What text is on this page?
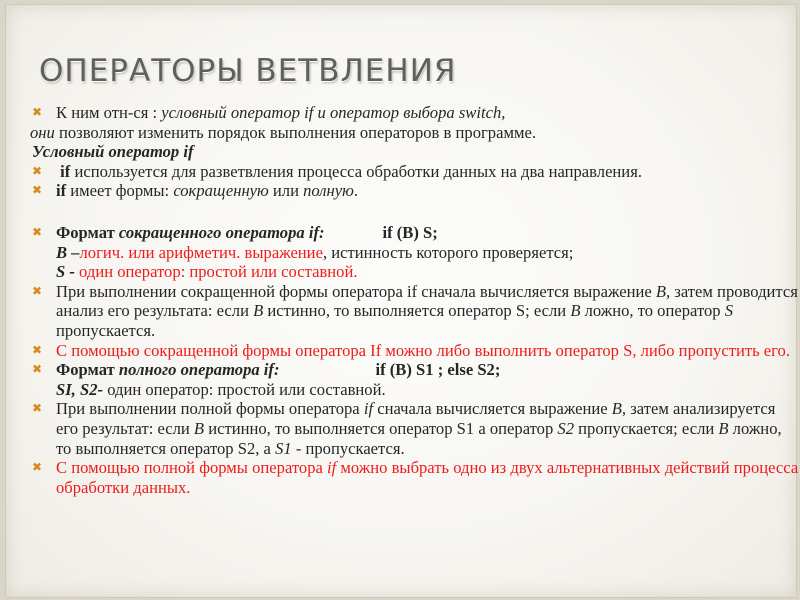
ОПЕРАТОРЫ ВЕТВЛЕНИЯ

✖ К ним отн-ся : условный оператор if и оператор выбора switch,

они позволяют изменить порядок выполнения операторов в программе.

Условный оператор if

✖ if используется для разветвления процесса обработки данных на два направления.

✖ if имеет формы: сокращенную или полную.

✖ Формат сокращенного оператора if:	if (B) S;

B –логич. или арифметич. выражение, истинность которого проверяется;
S - один оператор: простой или составной.

✖ При выполнении сокращенной формы оператора if сначала вычисляется выражение B, затем проводится анализ его результата: если B истинно, то выполняется оператор S; если B ложно, то оператор S пропускается.

✖ С помощью сокращенной формы оператора If можно либо выполнить оператор S, либо пропустить его.

✖ Формат полного оператора if:	if (B) S1 ; else S2;

SI, S2- один оператор: простой или составной.

✖ При выполнении полной формы оператора if сначала вычисляется выражение B, затем анализируется его результат: если B истинно, то выполняется оператор S1 а оператор S2 пропускается; если B ложно, то выполняется оператор S2, а S1 - пропускается.

✖ С помощью полной формы оператора if можно выбрать одно из двух альтернативных действий процесса обработки данных.
